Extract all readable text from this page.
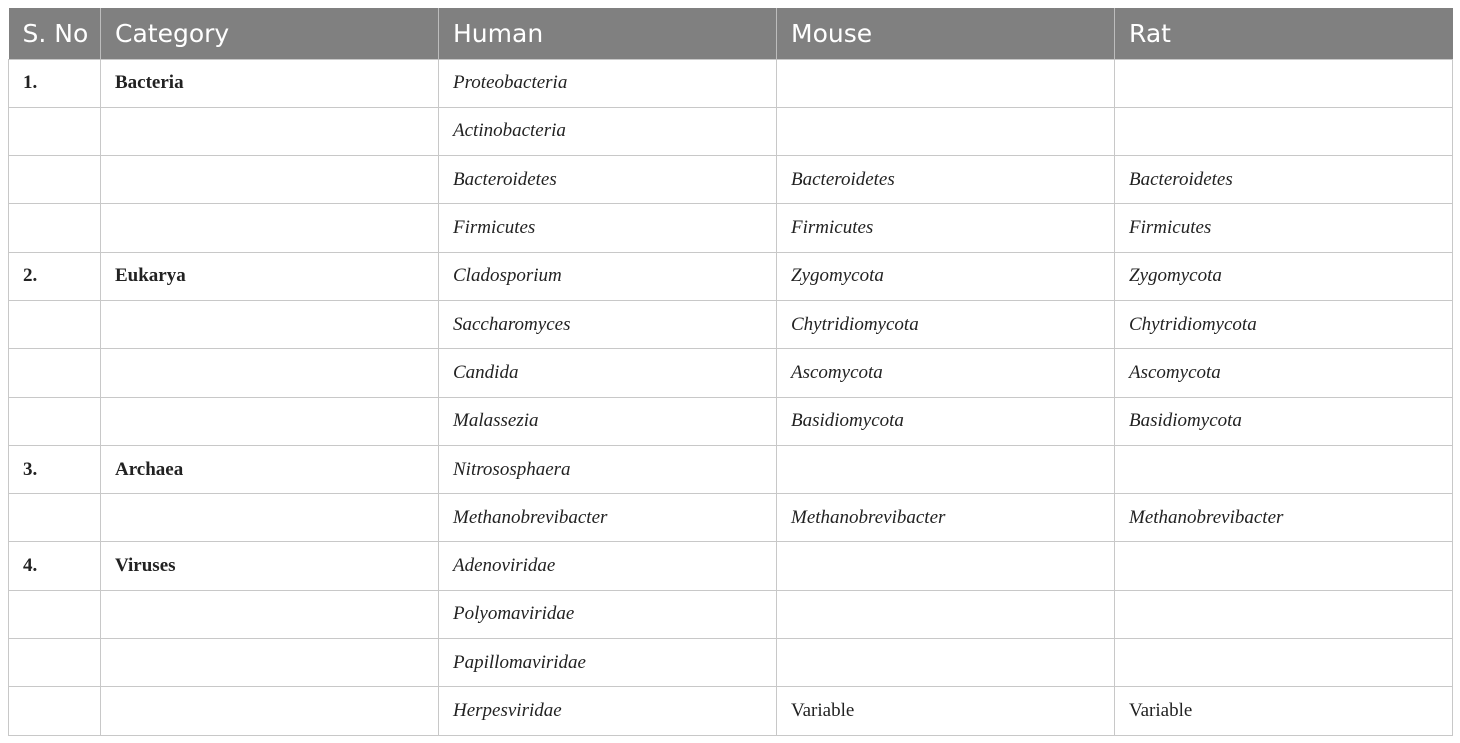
S. No	Category	Human	Mouse	Rat
1.	Bacteria	Proteobacteria		
		Actinobacteria		
		Bacteroidetes	Bacteroidetes	Bacteroidetes
		Firmicutes	Firmicutes	Firmicutes
2.	Eukarya	Cladosporium	Zygomycota	Zygomycota
		Saccharomyces	Chytridiomycota	Chytridiomycota
		Candida	Ascomycota	Ascomycota
		Malassezia	Basidiomycota	Basidiomycota
3.	Archaea	Nitrososphaera		
		Methanobrevibacter	Methanobrevibacter	Methanobrevibacter
4.	Viruses	Adenoviridae		
		Polyomaviridae		
		Papillomaviridae		
		Herpesviridae	Variable	Variable
